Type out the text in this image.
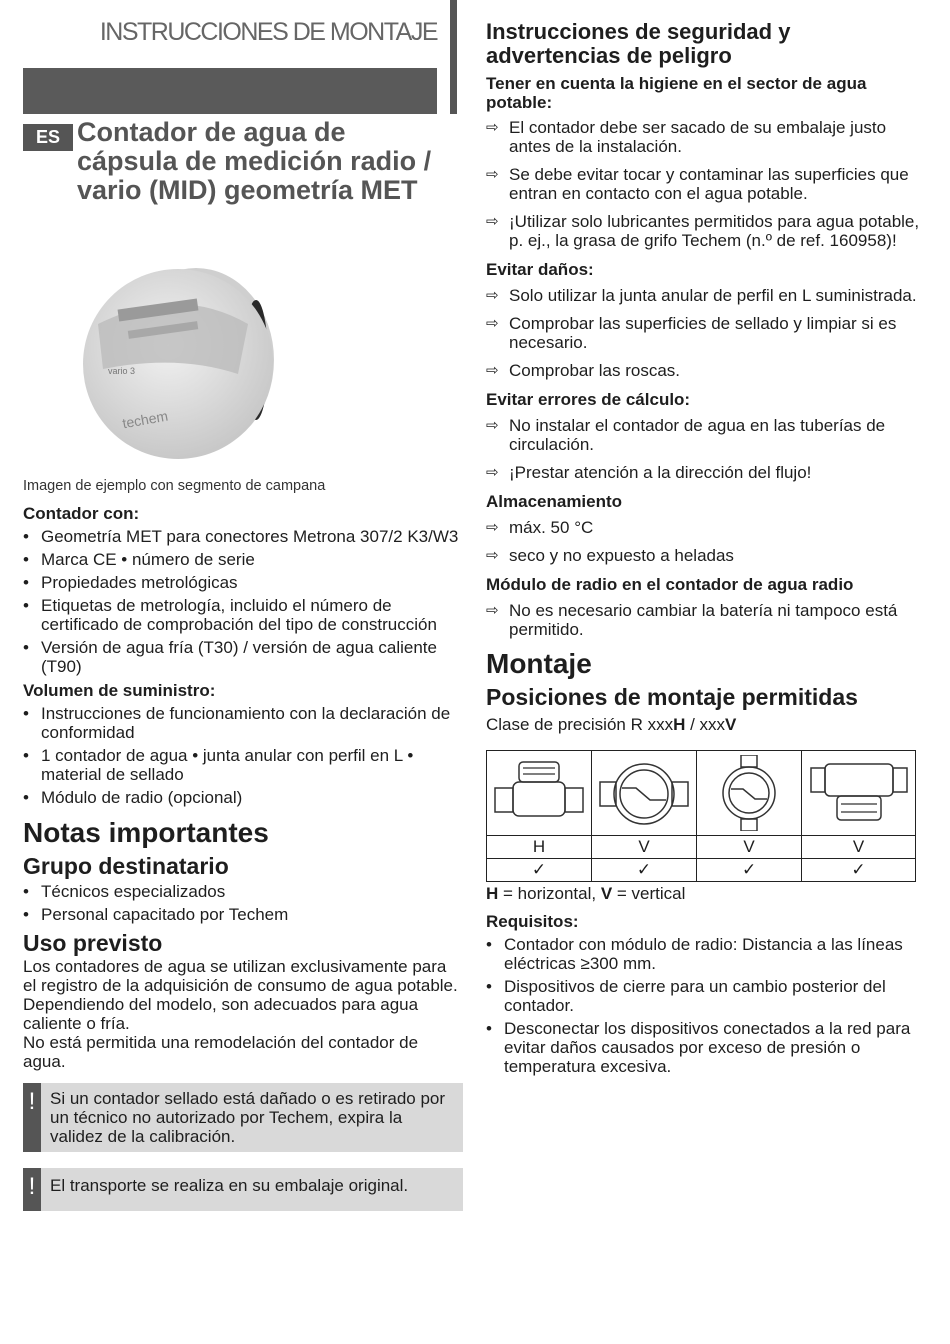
INSTRUCCIONES DE MONTAJE
ES Contador de agua de cápsula de medición radio / vario (MID) geometría MET
vario 3
techem
Imagen de ejemplo con segmento de campana

Contador con:

• Geometría MET para conectores Metrona 307/2 K3/W3
• Marca CE • número de serie
• Propiedades metrológicas
• Etiquetas de metrología, incluido el número de certificado de comprobación del tipo de construcción
• Versión de agua fría (T30) / versión de agua caliente (T90)

Volumen de suministro:

• Instrucciones de funcionamiento con la declaración de conformidad
• 1 contador de agua • junta anular con perfil en L • material de sellado
• Módulo de radio (opcional)

Notas importantes

Grupo destinatario

• Técnicos especializados
• Personal capacitado por Techem

Uso previsto

Los contadores de agua se utilizan exclusivamente para el registro de la adquisición de consumo de agua potable. Dependiendo del modelo, son adecuados para agua caliente o fría.

No está permitida una remodelación del contador de agua.

! Si un contador sellado está dañado o es retirado por un técnico no autorizado por Techem, expira la validez de la calibración.
! El transporte se realiza en su embalaje original.

Instrucciones de seguridad y advertencias de peligro

Tener en cuenta la higiene en el sector de agua potable:

⇨ El contador debe ser sacado de su embalaje justo antes de la instalación.
⇨ Se debe evitar tocar y contaminar las superficies que entran en contacto con el agua potable.
⇨ ¡Utilizar solo lubricantes permitidos para agua potable, p. ej., la grasa de grifo Techem (n.º de ref. 160958)!

Evitar daños:

⇨ Solo utilizar la junta anular de perfil en L suministrada.
⇨ Comprobar las superficies de sellado y limpiar si es necesario.
⇨ Comprobar las roscas.

Evitar errores de cálculo:

⇨ No instalar el contador de agua en las tuberías de circulación.
⇨ ¡Prestar atención a la dirección del flujo!

Almacenamiento

⇨ máx. 50 °C
⇨ seco y no expuesto a heladas

Módulo de radio en el contador de agua radio

⇨ No es necesario cambiar la batería ni tampoco está permitido.

Montaje

Posiciones de montaje permitidas

Clase de precisión R xxxH / xxxV

H	V	V	V
✓	✓	✓	✓

H = horizontal, V = vertical

Requisitos:

• Contador con módulo de radio: Distancia a las líneas eléctricas ≥300 mm.
• Dispositivos de cierre para un cambio posterior del contador.
• Desconectar los dispositivos conectados a la red para evitar daños causados por exceso de presión o temperatura excesiva.
